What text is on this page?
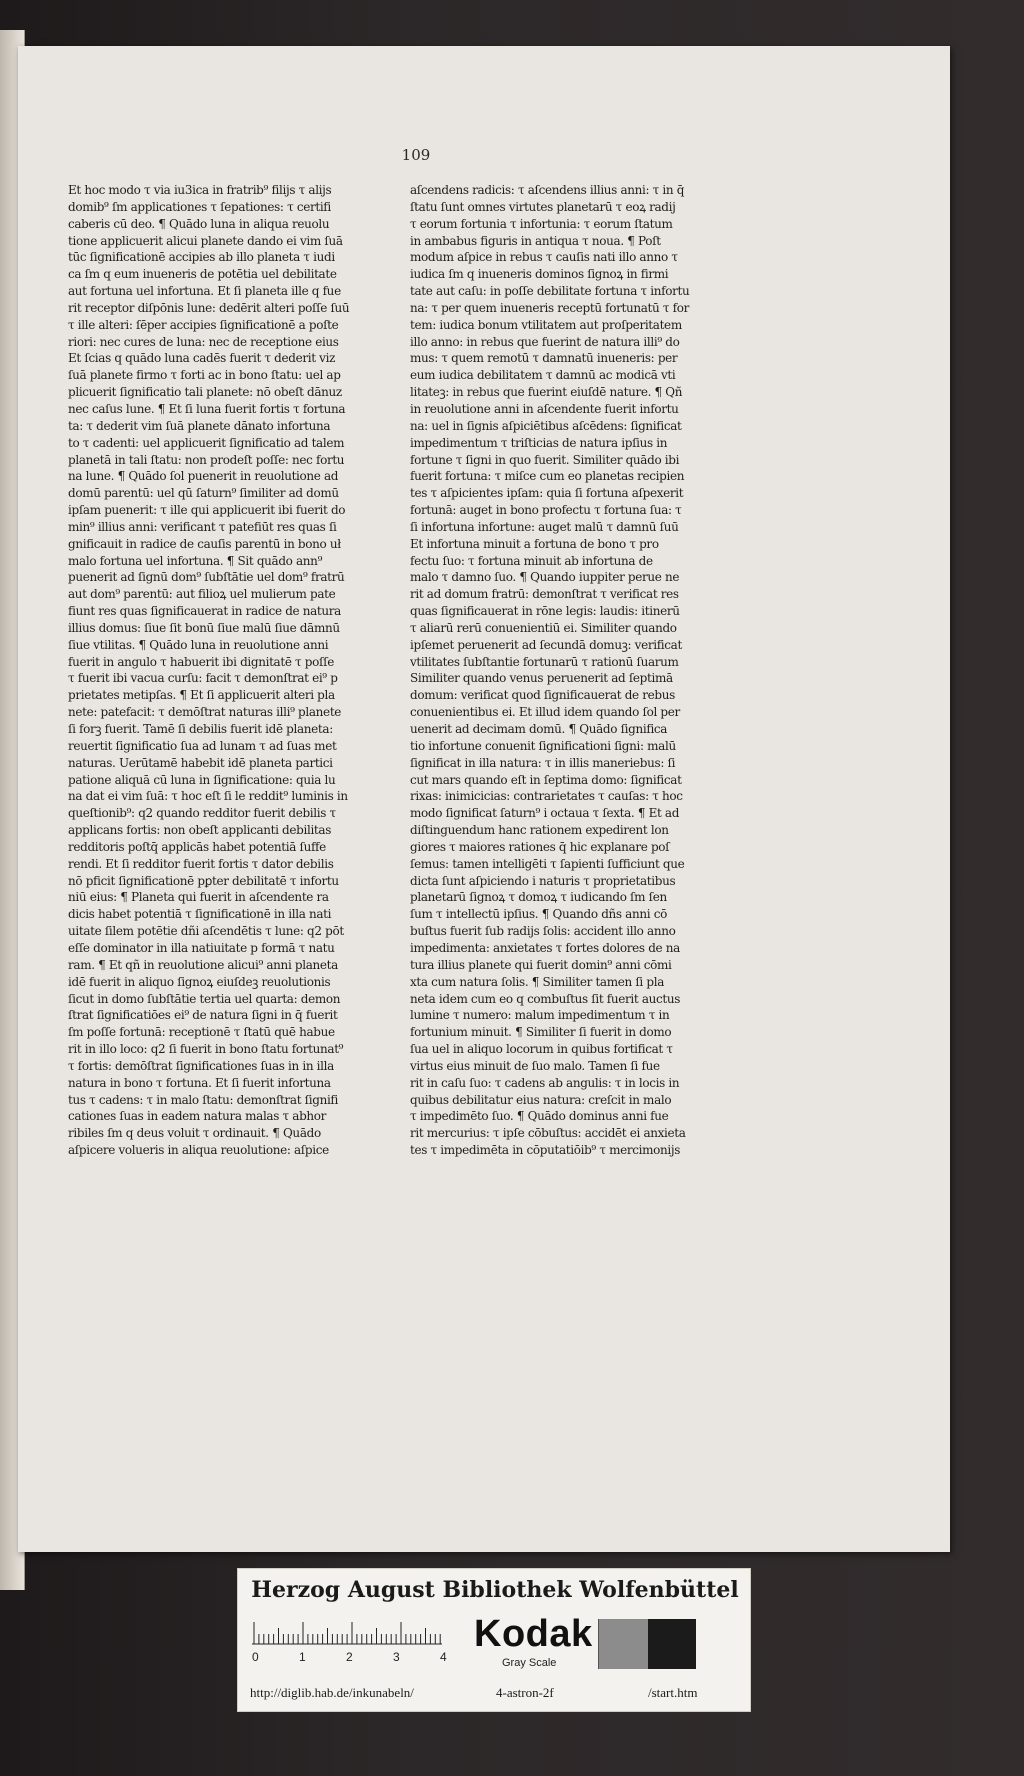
109
Et hoc modo τ via iu3ica in fratrib⁹ filijs τ alijs
domib⁹ ſm applicationes τ ſepationes: τ certifi
caberis cū deo. ¶ Quādo luna in aliqua reuolu
tione applicuerit alicui planete dando ei vim ſuā
tūc ſignificationē accipies ab illo planeta τ iudi
ca ſm q eum inueneris de potētia uel debilitate
aut fortuna uel infortuna. Et ſi planeta ille q fue
rit receptor diſpōnis lune: dedērit alteri poſſe ſuū
τ ille alteri: ſēper accipies ſignificationē a poſte
riori: nec cures de luna: nec de receptione eius
Et ſcias q quādo luna cadēs fuerit τ dederit viz
ſuā planete firmo τ forti ac in bono ſtatu: uel ap
plicuerit ſignificatio tali planete: nō obeſt dānuz
nec caſus lune. ¶ Et ſi luna fuerit fortis τ fortuna
ta: τ dederit vim ſuā planete dānato infortuna
to τ cadenti: uel applicuerit ſignificatio ad talem
planetā in tali ſtatu: non prodeſt poſſe: nec fortu
na lune. ¶ Quādo ſol puenerit in reuolutione ad
domū parentū: uel qū ſaturn⁹ ſimiliter ad domū
ipſam puenerit: τ ille qui applicuerit ibi fuerit do
min⁹ illius anni: verificant τ patefiūt res quas ſi
gnificauit in radice de cauſis parentū in bono uł
malo fortuna uel infortuna. ¶ Sit quādo ann⁹
puenerit ad ſignū dom⁹ ſubſtātie uel dom⁹ fratrū
aut dom⁹ parentū: aut filioꝝ uel mulierum pate
fiunt res quas ſignificauerat in radice de natura
illius domus: ſiue ſit bonū ſiue malū ſiue dāmnū
ſiue vtilitas. ¶ Quādo luna in reuolutione anni
fuerit in angulo τ habuerit ibi dignitatē τ poſſe
τ fuerit ibi vacua curſu: facit τ demonſtrat ei⁹ p
prietates metipſas. ¶ Et ſi applicuerit alteri pla
nete: patefacit: τ demōſtrat naturas illi⁹ planete
ſi forꝫ fuerit. Tamē ſi debilis fuerit idē planeta:
reuertit ſignificatio ſua ad lunam τ ad ſuas met
naturas. Uerūtamē habebit idē planeta partici
patione aliquā cū luna in ſignificatione: quia lu
na dat ei vim ſuā: τ hoc eſt ſi le reddit⁹ luminis in
queſtionib⁹: q2 quando redditor fuerit debilis τ
applicans fortis: non obeſt applicanti debilitas
redditoris poſtq̄ applicās habet potentiā ſuffe
rendi. Et ſi redditor fuerit fortis τ dator debilis
nō pficit ſignificationē pꝑter debilitatē τ infortu
niū eius: ¶ Planeta qui fuerit in aſcendente ra
dicis habet potentiā τ ſignificationē in illa nati
uitate ſilem potētie dñi aſcendētis τ lune: q2 pōt
eſſe dominator in illa natiuitate p formā τ natu
ram. ¶ Et qñ in reuolutione alicui⁹ anni planeta
idē fuerit in aliquo ſignoꝝ eiuſdeꝫ reuolutionis
ſicut in domo ſubſtātie tertia uel quarta: demon
ſtrat ſignificatiōes ei⁹ de natura ſigni in q̄ fuerit
ſm poſſe fortunā: receptionē τ ſtatū quē habue
rit in illo loco: q2 ſi fuerit in bono ſtatu fortunat⁹
τ fortis: demōſtrat ſignificationes ſuas in in illa
natura in bono τ fortuna. Et ſi fuerit infortuna
tus τ cadens: τ in malo ſtatu: demonſtrat ſignifi
cationes ſuas in eadem natura malas τ abhor
ribiles ſm q deus voluit τ ordinauit. ¶ Quādo
aſpicere volueris in aliqua reuolutione: aſpice
aſcendens radicis: τ aſcendens illius anni: τ in q̄
ſtatu ſunt omnes virtutes planetarū τ eoꝝ radij
τ eorum fortunia τ infortunia: τ eorum ſtatum
in ambabus figuris in antiqua τ noua. ¶ Poſt
modum aſpice in rebus τ cauſis nati illo anno τ
iudica ſm q inueneris dominos ſignoꝝ in firmi
tate aut caſu: in poſſe debilitate fortuna τ infortu
na: τ per quem inueneris receptū fortunatū τ for
tem: iudica bonum vtilitatem aut proſperitatem
illo anno: in rebus que fuerint de natura illi⁹ do
mus: τ quem remotū τ damnatū inueneris: per
eum iudica debilitatem τ damnū ac modicā vti
litateꝫ: in rebus que fuerint eiuſdē nature. ¶ Qñ
in reuolutione anni in aſcendente fuerit infortu
na: uel in ſignis aſpiciētibus aſcēdens: ſignificat
impedimentum τ triſticias de natura ipſius in
fortune τ ſigni in quo fuerit. Similiter quādo ibi
fuerit fortuna: τ miſce cum eo planetas recipien
tes τ aſpicientes ipſam: quia ſi fortuna aſpexerit
fortunā: auget in bono profectu τ fortuna ſua: τ
ſi infortuna infortune: auget malū τ damnū ſuū
Et infortuna minuit a fortuna de bono τ pro
fectu ſuo: τ fortuna minuit ab infortuna de
malo τ damno ſuo. ¶ Quando iuppiter perue ne
rit ad domum fratrū: demonſtrat τ verificat res
quas ſignificauerat in rōne legis: laudis: itinerū
τ aliarū rerū conuenientiū ei. Similiter quando
ipſemet peruenerit ad ſecundā domuꝫ: verificat
vtilitates ſubſtantie fortunarū τ rationū ſuarum
Similiter quando venus peruenerit ad ſeptimā
domum: verificat quod ſignificauerat de rebus
conuenientibus ei. Et illud idem quando ſol per
uenerit ad decimam domū. ¶ Quādo ſignifica
tio infortune conuenit ſignificationi ſigni: malū
ſignificat in illa natura: τ in illis maneriebus: ſi
cut mars quando eſt in ſeptima domo: ſignificat
rixas: inimicicias: contrarietates τ cauſas: τ hoc
modo ſignificat ſaturn⁹ i octaua τ ſexta. ¶ Et ad
diſtinguendum hanc rationem expedirent lon
giores τ maiores rationes q̄ hic explanare poſ
ſemus: tamen intelligēti τ ſapienti ſufficiunt que
dicta ſunt aſpiciendo i naturis τ proprietatibus
planetarū ſignoꝝ τ domoꝝ τ iudicando ſm ſen
ſum τ intellectū ipſius. ¶ Quando dñs anni cō
buſtus fuerit ſub radijs ſolis: accident illo anno
impedimenta: anxietates τ fortes dolores de na
tura illius planete qui fuerit domin⁹ anni cōmi
xta cum natura ſolis. ¶ Similiter tamen ſi pla
neta idem cum eo q combuſtus ſit fuerit auctus
lumine τ numero: malum impedimentum τ in
fortunium minuit. ¶ Similiter ſi fuerit in domo
ſua uel in aliquo locorum in quibus fortificat τ
virtus eius minuit de ſuo malo. Tamen ſi fue
rit in caſu ſuo: τ cadens ab angulis: τ in locis in
quibus debilitatur eius natura: creſcit in malo
τ impedimēto ſuo. ¶ Quādo dominus anni fue
rit mercurius: τ ipſe cōbuſtus: accidēt ei anxieta
tes τ impedimēta in cōputatiōib⁹ τ mercimonijs
Herzog August Bibliothek Wolfenbüttel
0	1	2	3	4
Kodak
Gray Scale
http://diglib.hab.de/inkunabeln/	4-astron-2f	/start.htm
